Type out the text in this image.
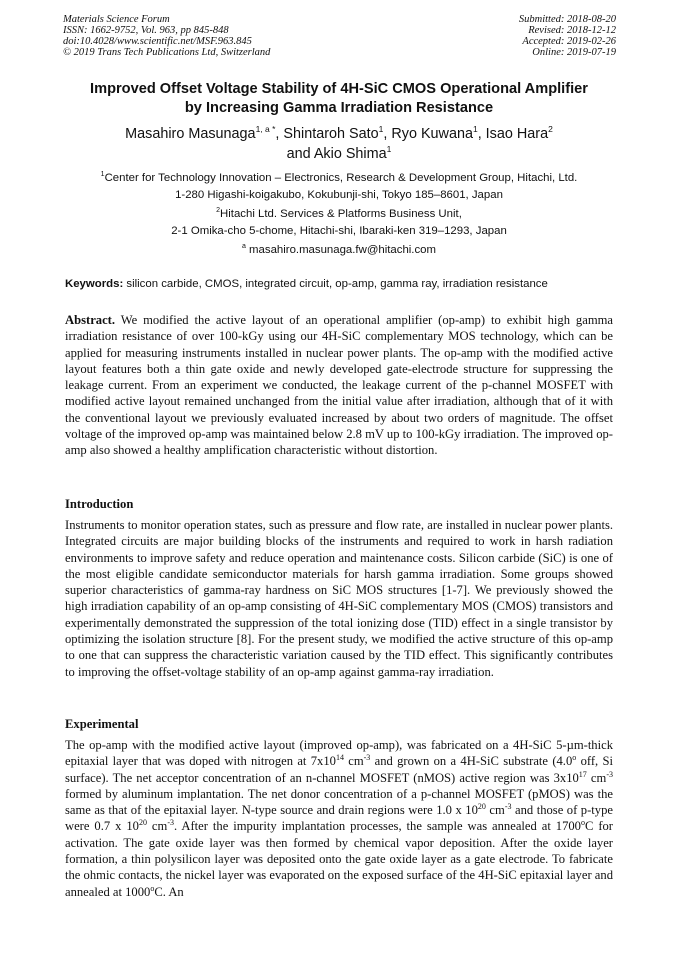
Materials Science Forum
ISSN: 1662-9752, Vol. 963, pp 845-848
doi:10.4028/www.scientific.net/MSF.963.845
© 2019 Trans Tech Publications Ltd, Switzerland
Submitted: 2018-08-20
Revised: 2018-12-12
Accepted: 2019-02-26
Online: 2019-07-19
Improved Offset Voltage Stability of 4H-SiC CMOS Operational Amplifier
by Increasing Gamma Irradiation Resistance
Masahiro Masunaga$^{1, a *}$, Shintaroh Sato$^1$, Ryo Kuwana$^1$, Isao Hara$^2$
and Akio Shima$^1$
$^1$Center for Technology Innovation – Electronics, Research & Development Group, Hitachi, Ltd.
1-280 Higashi-koigakubo, Kokubunji-shi, Tokyo 185–8601, Japan
$^2$Hitachi Ltd. Services & Platforms Business Unit,
2-1 Omika-cho 5-chome, Hitachi-shi, Ibaraki-ken 319–1293, Japan
$^a$ masahiro.masunaga.fw@hitachi.com
Keywords: silicon carbide, CMOS, integrated circuit, op-amp, gamma ray, irradiation resistance
Abstract. We modified the active layout of an operational amplifier (op-amp) to exhibit high gamma irradiation resistance of over 100-kGy using our 4H-SiC complementary MOS technology, which can be applied for measuring instruments installed in nuclear power plants. The op-amp with the modified active layout features both a thin gate oxide and newly developed gate-electrode structure for suppressing the leakage current. From an experiment we conducted, the leakage current of the p-channel MOSFET with modified active layout remained unchanged from the initial value after irradiation, although that of it with the conventional layout we previously evaluated increased by about two orders of magnitude. The offset voltage of the improved op-amp was maintained below 2.8 mV up to 100-kGy irradiation. The improved op-amp also showed a healthy amplification characteristic without distortion.
Introduction
Instruments to monitor operation states, such as pressure and flow rate, are installed in nuclear power plants. Integrated circuits are major building blocks of the instruments and required to work in harsh radiation environments to improve safety and reduce operation and maintenance costs. Silicon carbide (SiC) is one of the most eligible candidate semiconductor materials for harsh gamma irradiation. Some groups showed superior characteristics of gamma-ray hardness on SiC MOS structures [1-7]. We previously showed the high irradiation capability of an op-amp consisting of 4H-SiC complementary MOS (CMOS) transistors and experimentally demonstrated the suppression of the total ionizing dose (TID) effect in a single transistor by optimizing the isolation structure [8]. For the present study, we modified the active structure of this op-amp to one that can suppress the characteristic variation caused by the TID effect. This significantly contributes to improving the offset-voltage stability of an op-amp against gamma-ray irradiation.
Experimental
The op-amp with the modified active layout (improved op-amp), was fabricated on a 4H-SiC 5-µm-thick epitaxial layer that was doped with nitrogen at $7x10^{14}$ $cm^{-3}$ and grown on a 4H-SiC substrate (4.0$^o$ off, Si surface). The net acceptor concentration of an n-channel MOSFET (nMOS) active region was $3x10^{17}$ $cm^{-3}$ formed by aluminum implantation. The net donor concentration of a p-channel MOSFET (pMOS) was the same as that of the epitaxial layer. N-type source and drain regions were 1.0 x $10^{20}$ $cm^{-3}$ and those of p-type were 0.7 x $10^{20}$ $cm^{-3}$. After the impurity implantation processes, the sample was annealed at 1700$^o$C for activation. The gate oxide layer was then formed by chemical vapor deposition. After the oxide layer formation, a thin polysilicon layer was deposited onto the gate oxide layer as a gate electrode. To fabricate the ohmic contacts, the nickel layer was evaporated on the exposed surface of the 4H-SiC epitaxial layer and annealed at 1000$^o$C. An
